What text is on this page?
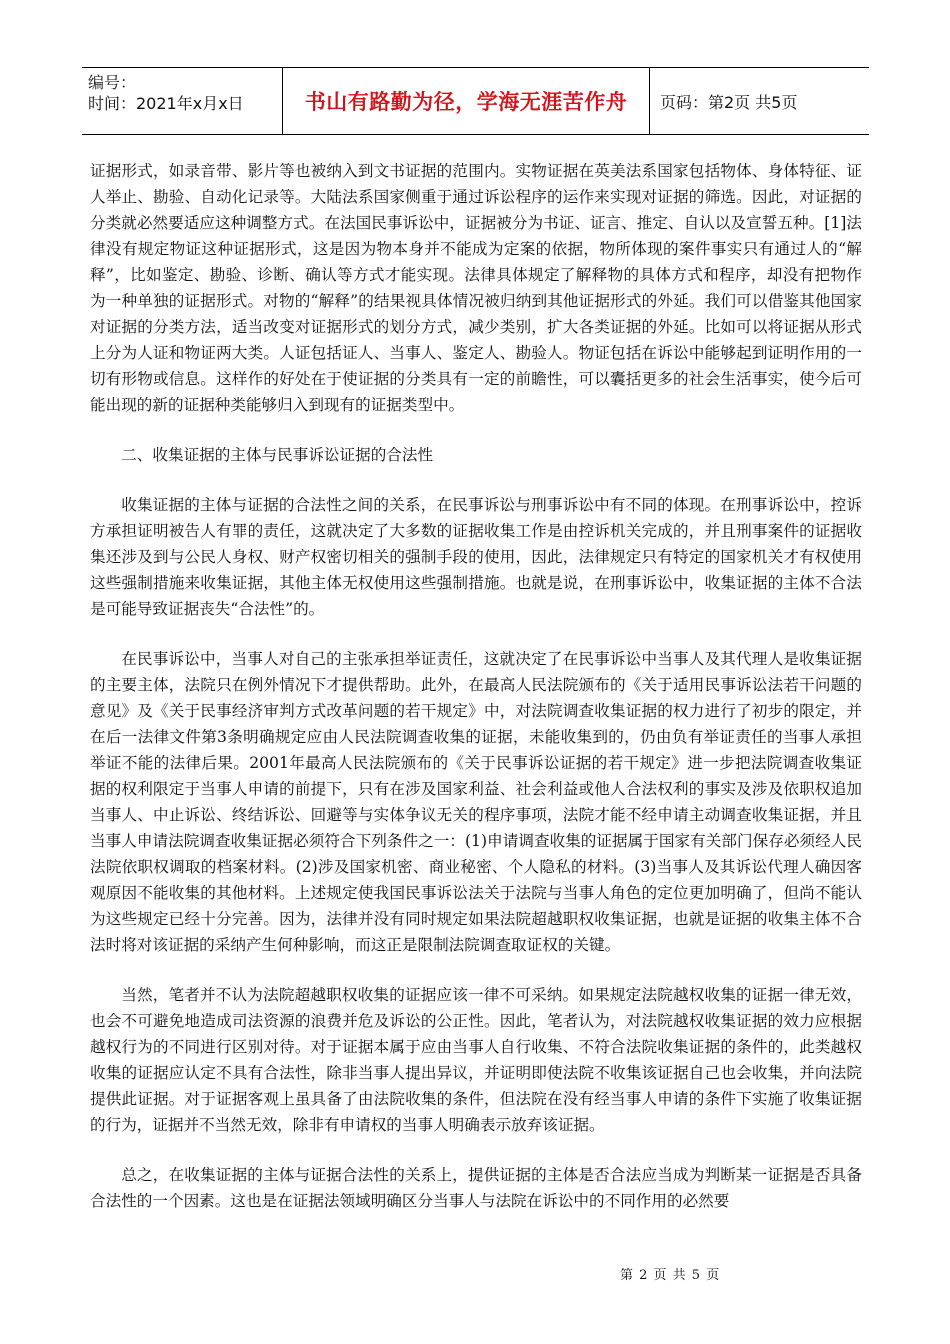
编号：
时间：2021年x月x日	书山有路勤为径，学海无涯苦作舟	页码：第2页 共5页

证据形式，如录音带、影片等也被纳入到文书证据的范围内。实物证据在英美法系国家包括物体、身体特征、证人举止、勘验、自动化记录等。大陆法系国家侧重于通过诉讼程序的运作来实现对证据的筛选。因此，对证据的分类就必然要适应这种调整方式。在法国民事诉讼中，证据被分为书证、证言、推定、自认以及宣誓五种。[1]法律没有规定物证这种证据形式，这是因为物本身并不能成为定案的依据，物所体现的案件事实只有通过人的“解释”，比如鉴定、勘验、诊断、确认等方式才能实现。法律具体规定了解释物的具体方式和程序，却没有把物作为一种单独的证据形式。对物的“解释”的结果视具体情况被归纳到其他证据形式的外延。我们可以借鉴其他国家对证据的分类方法，适当改变对证据形式的划分方式，减少类别，扩大各类证据的外延。比如可以将证据从形式上分为人证和物证两大类。人证包括证人、当事人、鉴定人、勘验人。物证包括在诉讼中能够起到证明作用的一切有形物或信息。这样作的好处在于使证据的分类具有一定的前瞻性，可以囊括更多的社会生活事实，使今后可能出现的新的证据种类能够归入到现有的证据类型中。

二、收集证据的主体与民事诉讼证据的合法性

收集证据的主体与证据的合法性之间的关系，在民事诉讼与刑事诉讼中有不同的体现。在刑事诉讼中，控诉方承担证明被告人有罪的责任，这就决定了大多数的证据收集工作是由控诉机关完成的，并且刑事案件的证据收集还涉及到与公民人身权、财产权密切相关的强制手段的使用，因此，法律规定只有特定的国家机关才有权使用这些强制措施来收集证据，其他主体无权使用这些强制措施。也就是说，在刑事诉讼中，收集证据的主体不合法是可能导致证据丧失“合法性”的。

在民事诉讼中，当事人对自己的主张承担举证责任，这就决定了在民事诉讼中当事人及其代理人是收集证据的主要主体，法院只在例外情况下才提供帮助。此外，在最高人民法院颁布的《关于适用民事诉讼法若干问题的意见》及《关于民事经济审判方式改革问题的若干规定》中，对法院调查收集证据的权力进行了初步的限定，并在后一法律文件第3条明确规定应由人民法院调查收集的证据，未能收集到的，仍由负有举证责任的当事人承担举证不能的法律后果。2001年最高人民法院颁布的《关于民事诉讼证据的若干规定》进一步把法院调查收集证据的权利限定于当事人申请的前提下，只有在涉及国家利益、社会利益或他人合法权利的事实及涉及依职权追加当事人、中止诉讼、终结诉讼、回避等与实体争议无关的程序事项，法院才能不经申请主动调查收集证据，并且当事人申请法院调查收集证据必须符合下列条件之一：(1)申请调查收集的证据属于国家有关部门保存必须经人民法院依职权调取的档案材料。(2)涉及国家机密、商业秘密、个人隐私的材料。(3)当事人及其诉讼代理人确因客观原因不能收集的其他材料。上述规定使我国民事诉讼法关于法院与当事人角色的定位更加明确了，但尚不能认为这些规定已经十分完善。因为，法律并没有同时规定如果法院超越职权收集证据，也就是证据的收集主体不合法时将对该证据的采纳产生何种影响，而这正是限制法院调查取证权的关键。

当然，笔者并不认为法院超越职权收集的证据应该一律不可采纳。如果规定法院越权收集的证据一律无效，也会不可避免地造成司法资源的浪费并危及诉讼的公正性。因此，笔者认为，对法院越权收集证据的效力应根据越权行为的不同进行区别对待。对于证据本属于应由当事人自行收集、不符合法院收集证据的条件的，此类越权收集的证据应认定不具有合法性，除非当事人提出异议，并证明即使法院不收集该证据自己也会收集，并向法院提供此证据。对于证据客观上虽具备了由法院收集的条件，但法院在没有经当事人申请的条件下实施了收集证据的行为，证据并不当然无效，除非有申请权的当事人明确表示放弃该证据。

总之，在收集证据的主体与证据合法性的关系上，提供证据的主体是否合法应当成为判断某一证据是否具备合法性的一个因素。这也是在证据法领域明确区分当事人与法院在诉讼中的不同作用的必然要

第 2 页 共 5 页
